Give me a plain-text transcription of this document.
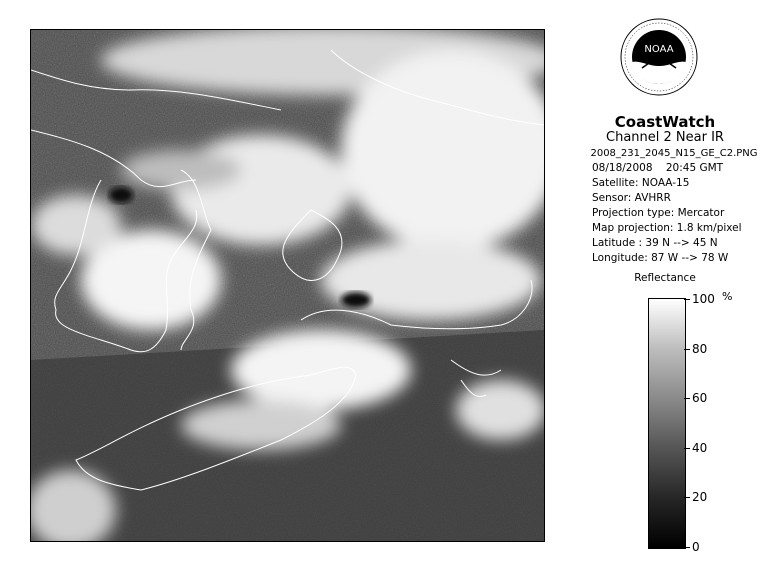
NOAA
CoastWatch
Channel 2 Near IR
2008_231_2045_N15_GE_C2.PNG
08/18/2008 20:45 GMT
Satellite: NOAA-15
Sensor: AVHRR
Projection type: Mercator
Map projection: 1.8 km/pixel
Latitude : 39 N --> 45 N
Longitude: 87 W --> 78 W
Reflectance
%
100
80
60
40
20
0
